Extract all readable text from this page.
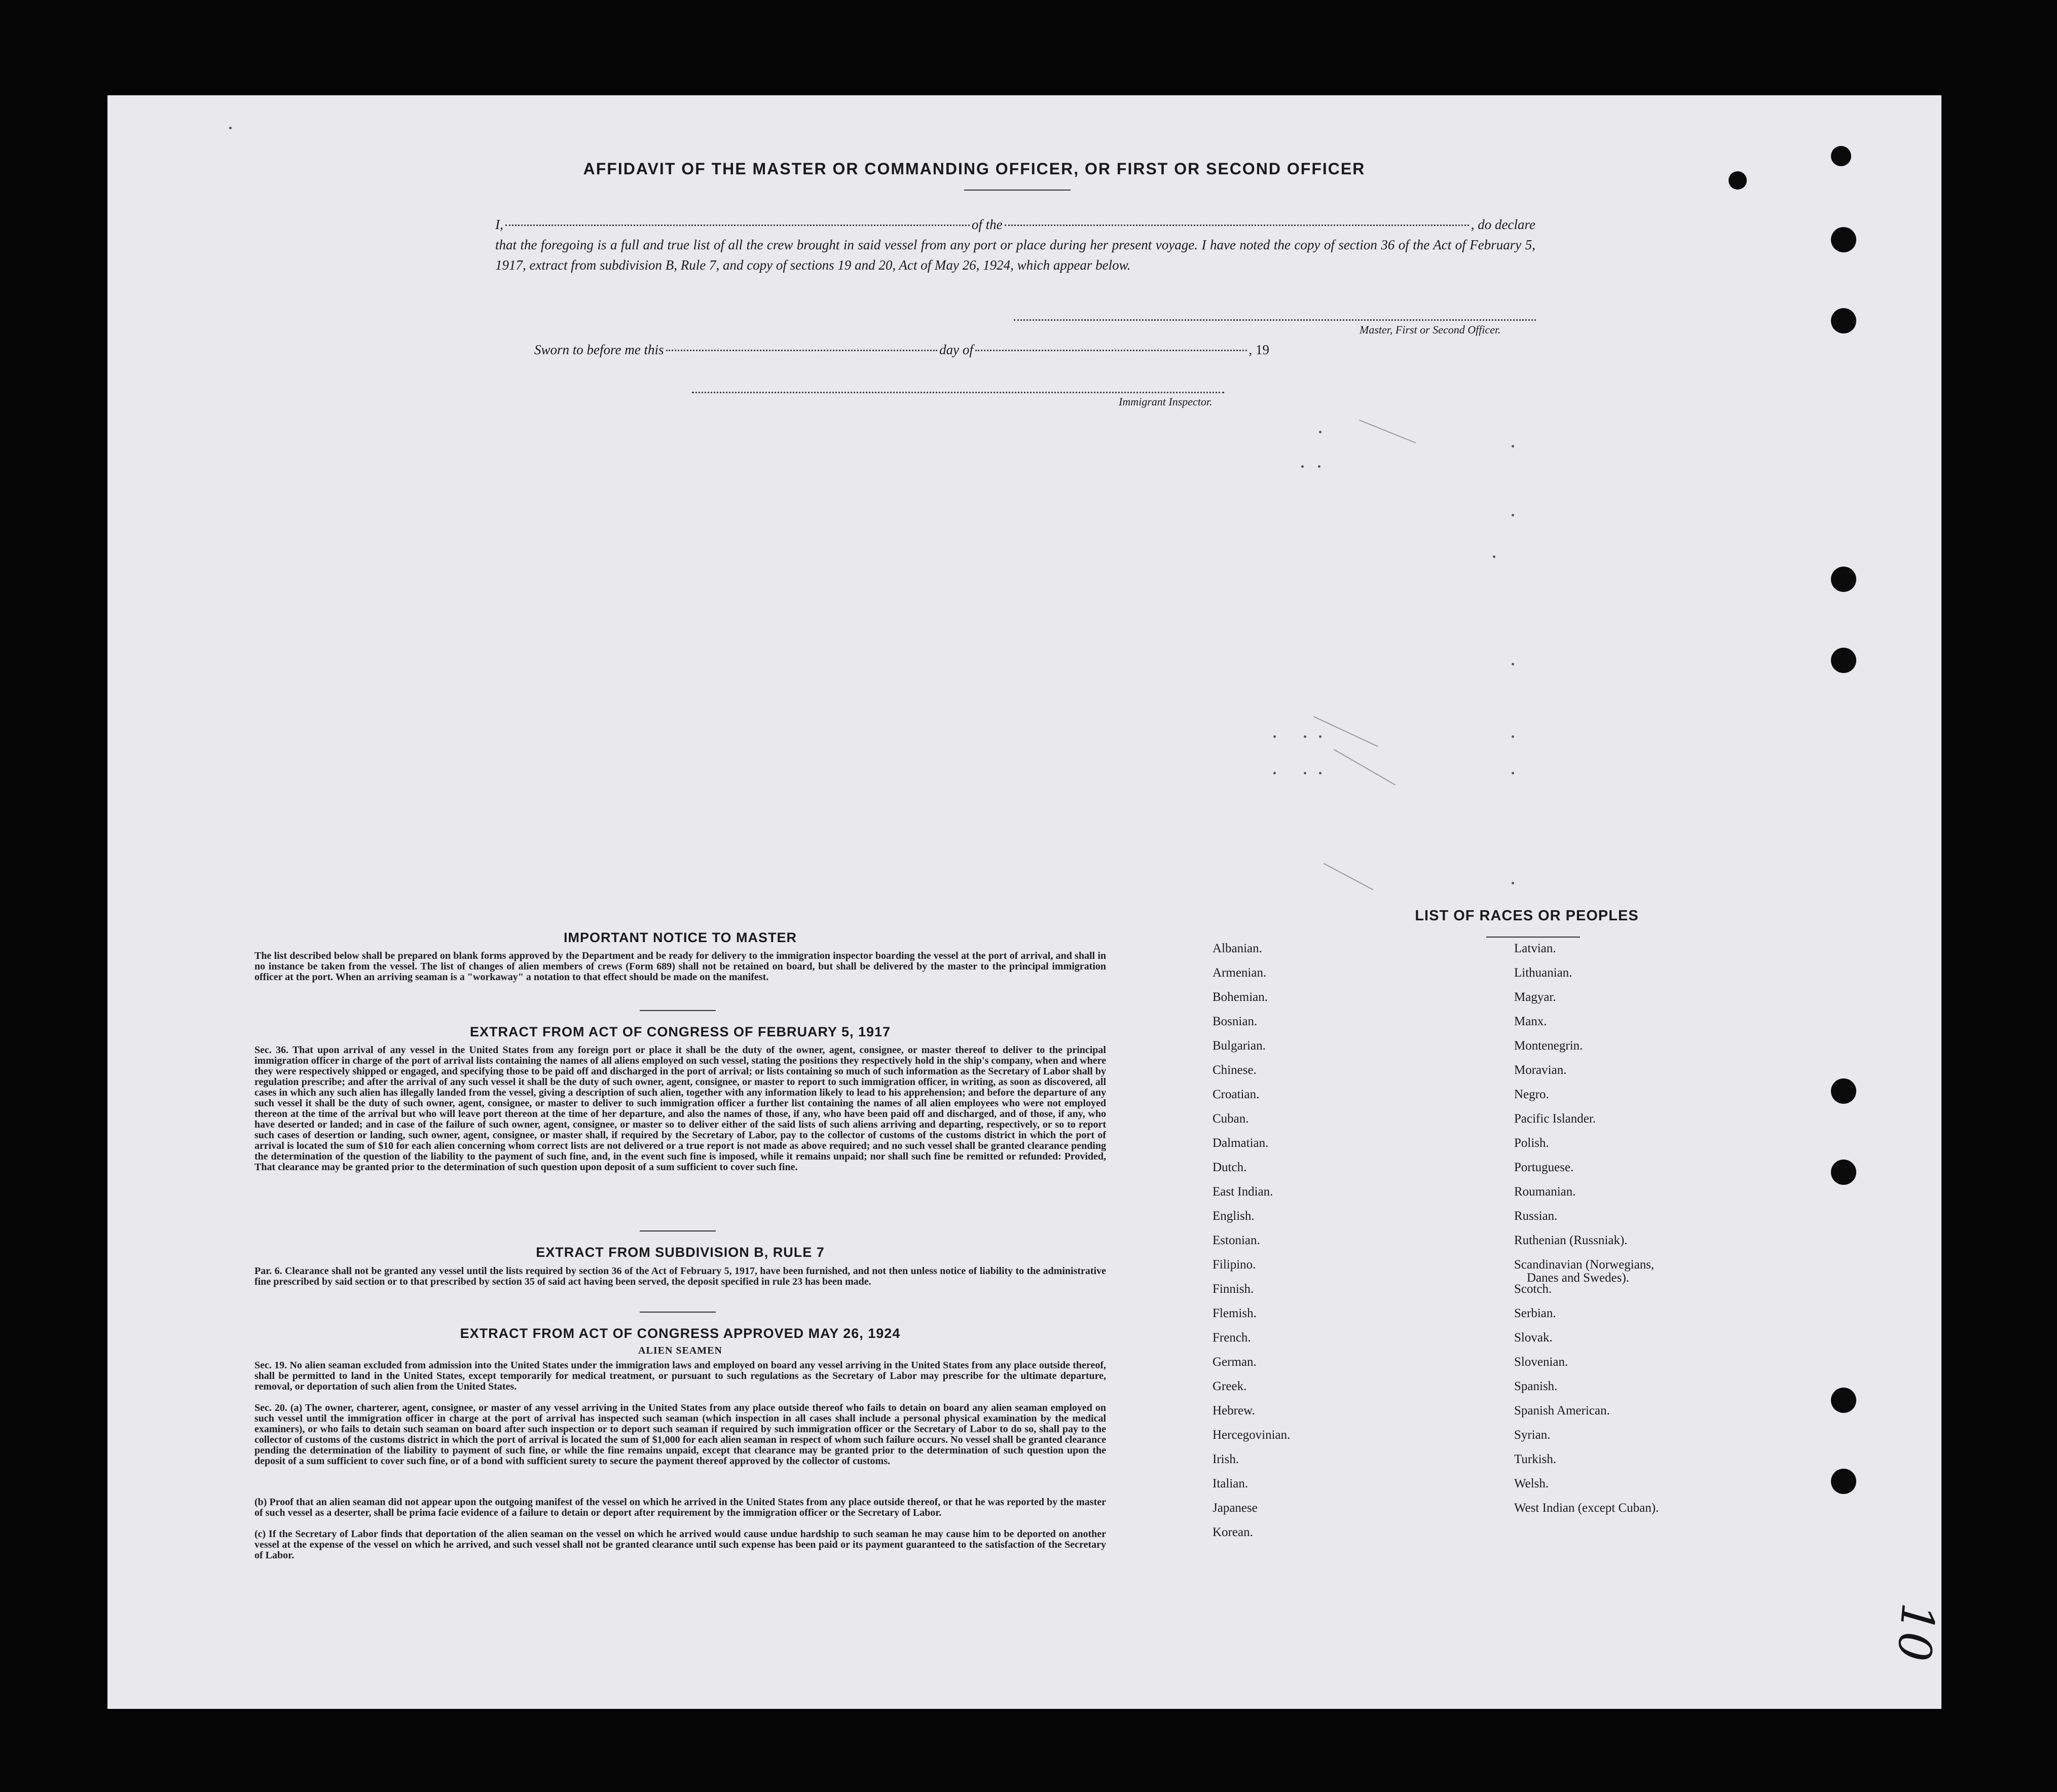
AFFIDAVIT OF THE MASTER OR COMMANDING OFFICER, OR FIRST OR SECOND OFFICER
I,	of the	, do declare
that the foregoing is a full and true list of all the crew brought in said vessel from any port or place during her present voyage. I have noted the copy of section 36 of the Act of February 5, 1917, extract from subdivision B, Rule 7, and copy of sections 19 and 20, Act of May 26, 1924, which appear below.
Master, First or Second Officer.
Sworn to before me this	day of	, 19
Immigrant Inspector.
IMPORTANT NOTICE TO MASTER
The list described below shall be prepared on blank forms approved by the Department and be ready for delivery to the immigration inspector boarding the vessel at the port of arrival, and shall in no instance be taken from the vessel. The list of changes of alien members of crews (Form 689) shall not be retained on board, but shall be delivered by the master to the principal immigration officer at the port. When an arriving seaman is a "workaway" a notation to that effect should be made on the manifest.
EXTRACT FROM ACT OF CONGRESS OF FEBRUARY 5, 1917
Sec. 36. That upon arrival of any vessel in the United States from any foreign port or place it shall be the duty of the owner, agent, consignee, or master thereof to deliver to the principal immigration officer in charge of the port of arrival lists containing the names of all aliens employed on such vessel, stating the positions they respectively hold in the ship's company, when and where they were respectively shipped or engaged, and specifying those to be paid off and discharged in the port of arrival; or lists containing so much of such information as the Secretary of Labor shall by regulation prescribe; and after the arrival of any such vessel it shall be the duty of such owner, agent, consignee, or master to report to such immigration officer, in writing, as soon as discovered, all cases in which any such alien has illegally landed from the vessel, giving a description of such alien, together with any information likely to lead to his apprehension; and before the departure of any such vessel it shall be the duty of such owner, agent, consignee, or master to deliver to such immigration officer a further list containing the names of all alien employees who were not employed thereon at the time of the arrival but who will leave port thereon at the time of her departure, and also the names of those, if any, who have been paid off and discharged, and of those, if any, who have deserted or landed; and in case of the failure of such owner, agent, consignee, or master so to deliver either of the said lists of such aliens arriving and departing, respectively, or so to report such cases of desertion or landing, such owner, agent, consignee, or master shall, if required by the Secretary of Labor, pay to the collector of customs of the customs district in which the port of arrival is located the sum of $10 for each alien concerning whom correct lists are not delivered or a true report is not made as above required; and no such vessel shall be granted clearance pending the determination of the question of the liability to the payment of such fine, and, in the event such fine is imposed, while it remains unpaid; nor shall such fine be remitted or refunded: Provided, That clearance may be granted prior to the determination of such question upon deposit of a sum sufficient to cover such fine.
EXTRACT FROM SUBDIVISION B, RULE 7
Par. 6. Clearance shall not be granted any vessel until the lists required by section 36 of the Act of February 5, 1917, have been furnished, and not then unless notice of liability to the administrative fine prescribed by said section or to that prescribed by section 35 of said act having been served, the deposit specified in rule 23 has been made.
EXTRACT FROM ACT OF CONGRESS APPROVED MAY 26, 1924
ALIEN SEAMEN
Sec. 19. No alien seaman excluded from admission into the United States under the immigration laws and employed on board any vessel arriving in the United States from any place outside thereof, shall be permitted to land in the United States, except temporarily for medical treatment, or pursuant to such regulations as the Secretary of Labor may prescribe for the ultimate departure, removal, or deportation of such alien from the United States.
Sec. 20. (a) The owner, charterer, agent, consignee, or master of any vessel arriving in the United States from any place outside thereof who fails to detain on board any alien seaman employed on such vessel until the immigration officer in charge at the port of arrival has inspected such seaman (which inspection in all cases shall include a personal physical examination by the medical examiners), or who fails to detain such seaman on board after such inspection or to deport such seaman if required by such immigration officer or the Secretary of Labor to do so, shall pay to the collector of customs of the customs district in which the port of arrival is located the sum of $1,000 for each alien seaman in respect of whom such failure occurs. No vessel shall be granted clearance pending the determination of the liability to payment of such fine, or while the fine remains unpaid, except that clearance may be granted prior to the determination of such question upon the deposit of a sum sufficient to cover such fine, or of a bond with sufficient surety to secure the payment thereof approved by the collector of customs.
(b) Proof that an alien seaman did not appear upon the outgoing manifest of the vessel on which he arrived in the United States from any place outside thereof, or that he was reported by the master of such vessel as a deserter, shall be prima facie evidence of a failure to detain or deport after requirement by the immigration officer or the Secretary of Labor.
(c) If the Secretary of Labor finds that deportation of the alien seaman on the vessel on which he arrived would cause undue hardship to such seaman he may cause him to be deported on another vessel at the expense of the vessel on which he arrived, and such vessel shall not be granted clearance until such expense has been paid or its payment guaranteed to the satisfaction of the Secretary of Labor.
LIST OF RACES OR PEOPLES
Albanian.
Armenian.
Bohemian.
Bosnian.
Bulgarian.
Chinese.
Croatian.
Cuban.
Dalmatian.
Dutch.
East Indian.
English.
Estonian.
Filipino.
Finnish.
Flemish.
French.
German.
Greek.
Hebrew.
Hercegovinian.
Irish.
Italian.
Japanese
Korean.
Latvian.
Lithuanian.
Magyar.
Manx.
Montenegrin.
Moravian.
Negro.
Pacific Islander.
Polish.
Portuguese.
Roumanian.
Russian.
Ruthenian (Russniak).
Scandinavian (Norwegians,
Danes and Swedes).
Scotch.
Serbian.
Slovak.
Slovenian.
Spanish.
Spanish American.
Syrian.
Turkish.
Welsh.
West Indian (except Cuban).
10
